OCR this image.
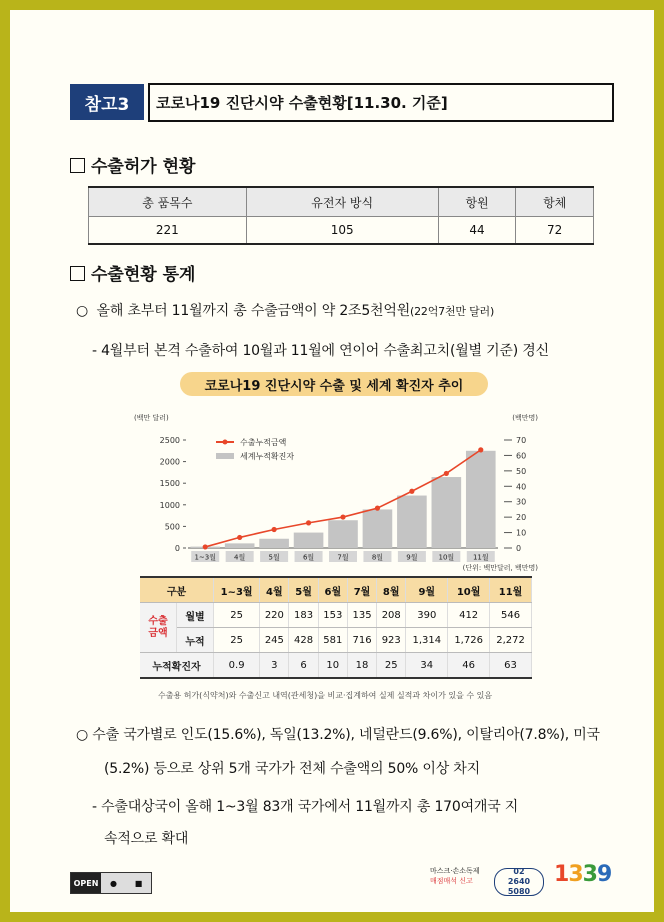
참고3	코로나19 진단시약 수출현황[11.30. 기준]
수출허가 현황
총 품목수	유전자 방식	항원	항체
221	105	44	72
수출현황 통계
○ 올해 초부터 11월까지 총 수출금액이 약 2조5천억원(22억7천만 달러)
- 4월부터 본격 수출하여 10월과 11월에 연이어 수출최고치(월별 기준) 경신
코로나19 진단시약 수출 및 세계 확진자 추이
(백만 달러)	(백만명)
0
500
1000
1500
2000
2500
0
10
20
30
40
50
60
70
1~3월	4월	5월	6월	7월	8월	9월	10월	11월
수출누적금액
세계누적확진자
(단위: 백만달러, 백만명)
구분		1~3월	4월	5월	6월	7월	8월	9월	10월	11월
수출
금액	월별	25	220	183	153	135	208	390	412	546
	누적	25	245	428	581	716	923	1,314	1,726	2,272
누적확진자		0.9	3	6	10	18	25	34	46	63
수출용 허가(식약처)와 수출신고 내역(관세청)을 비교·집계하여 실제 실적과 차이가 있을 수 있음
○ 수출 국가별로 인도(15.6%), 독일(13.2%), 네덜란드(9.6%), 이탈리아(7.8%), 미국
(5.2%) 등으로 상위 5개 국가가 전체 수출액의 50% 이상 차지
- 수출대상국이 올해 1~3월 83개 국가에서 11월까지 총 170여개국 지
속적으로 확대
OPEN	●	■
마스크·손소독제
매점매석 신고
02
2640
5080
1339
